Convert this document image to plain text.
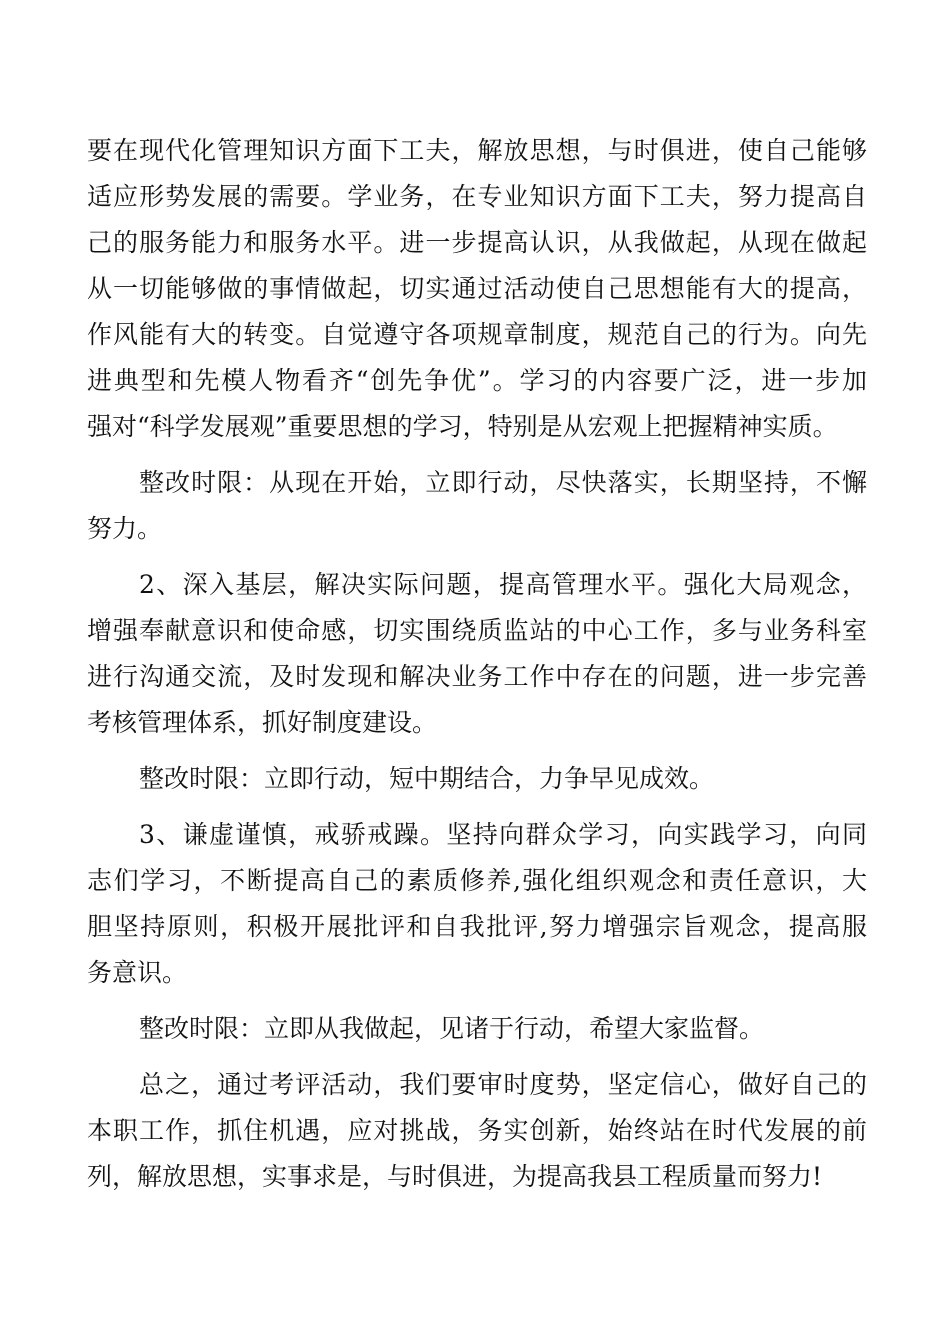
要在现代化管理知识方面下工夫，解放思想，与时俱进，使自己能够
适应形势发展的需要。学业务，在专业知识方面下工夫，努力提高自
己的服务能力和服务水平。进一步提高认识，从我做起，从现在做起
从一切能够做的事情做起，切实通过活动使自己思想能有大的提高，
作风能有大的转变。自觉遵守各项规章制度，规范自己的行为。向先
进典型和先模人物看齐“创先争优”。学习的内容要广泛，进一步加
强对“科学发展观”重要思想的学习，特别是从宏观上把握精神实质。
整改时限：从现在开始，立即行动，尽快落实，长期坚持，不懈
努力。
2、深入基层，解决实际问题，提高管理水平。强化大局观念，
增强奉献意识和使命感，切实围绕质监站的中心工作，多与业务科室
进行沟通交流，及时发现和解决业务工作中存在的问题，进一步完善
考核管理体系，抓好制度建设。
整改时限：立即行动，短中期结合，力争早见成效。
3、谦虚谨慎，戒骄戒躁。坚持向群众学习，向实践学习，向同
志们学习，不断提高自己的素质修养,强化组织观念和责任意识，大
胆坚持原则，积极开展批评和自我批评,努力增强宗旨观念，提高服
务意识。
整改时限：立即从我做起，见诸于行动，希望大家监督。
总之，通过考评活动，我们要审时度势，坚定信心，做好自己的
本职工作，抓住机遇，应对挑战，务实创新，始终站在时代发展的前
列，解放思想，实事求是，与时俱进，为提高我县工程质量而努力!
